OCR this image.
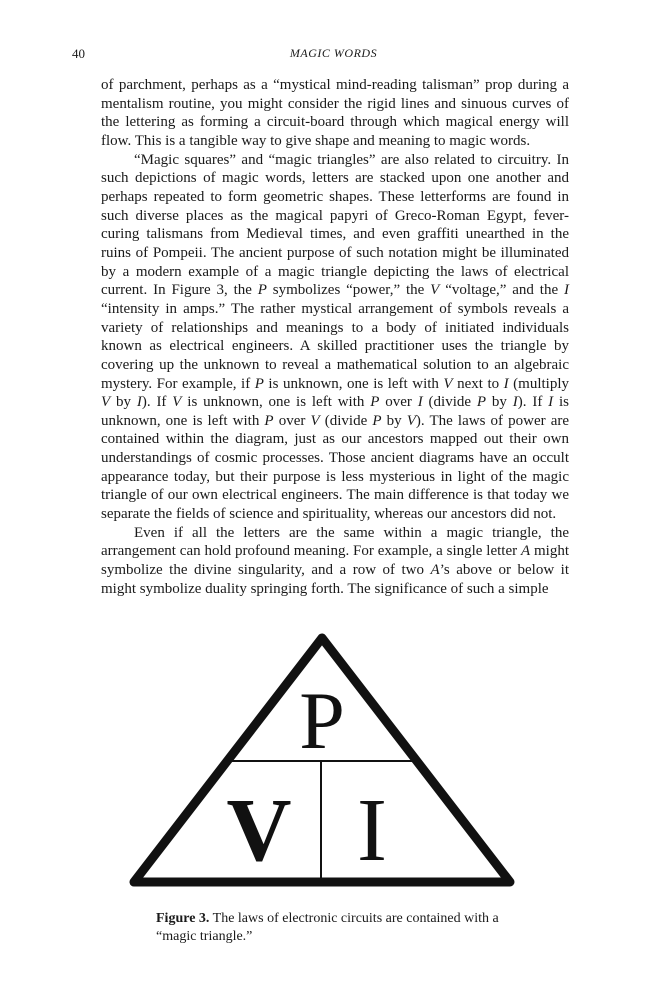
40	MAGIC WORDS

of parchment, perhaps as a “mystical mind-reading talisman” prop during a mentalism routine, you might consider the rigid lines and sinuous curves of the lettering as forming a circuit-board through which magical energy will flow. This is a tangible way to give shape and meaning to magic words.

“Magic squares” and “magic triangles” are also related to circuitry. In such depictions of magic words, letters are stacked upon one another and perhaps repeated to form geometric shapes. These letterforms are found in such diverse places as the magical papyri of Greco-Roman Egypt, fever-curing talismans from Medieval times, and even graffiti unearthed in the ruins of Pompeii. The ancient purpose of such notation might be illuminated by a modern example of a magic triangle depicting the laws of electrical current. In Figure 3, the P symbolizes “power,” the V “voltage,” and the I “intensity in amps.” The rather mystical arrangement of symbols reveals a variety of relationships and meanings to a body of initiated individuals known as electrical engineers. A skilled practitioner uses the triangle by covering up the unknown to reveal a mathematical solution to an algebraic mystery. For example, if P is unknown, one is left with V next to I (multiply V by I). If V is unknown, one is left with P over I (divide P by I). If I is unknown, one is left with P over V (divide P by V). The laws of power are contained within the diagram, just as our ancestors mapped out their own understandings of cosmic processes. Those ancient diagrams have an occult appearance today, but their purpose is less mysterious in light of the magic triangle of our own electrical engineers. The main difference is that today we separate the fields of science and spirituality, whereas our ancestors did not.

Even if all the letters are the same within a magic triangle, the arrangement can hold profound meaning. For example, a single letter A might symbolize the divine singularity, and a row of two A’s above or below it might symbolize duality springing forth. The significance of such a simple

P
V I
Figure 3. The laws of electronic circuits are contained with a “magic triangle.”
